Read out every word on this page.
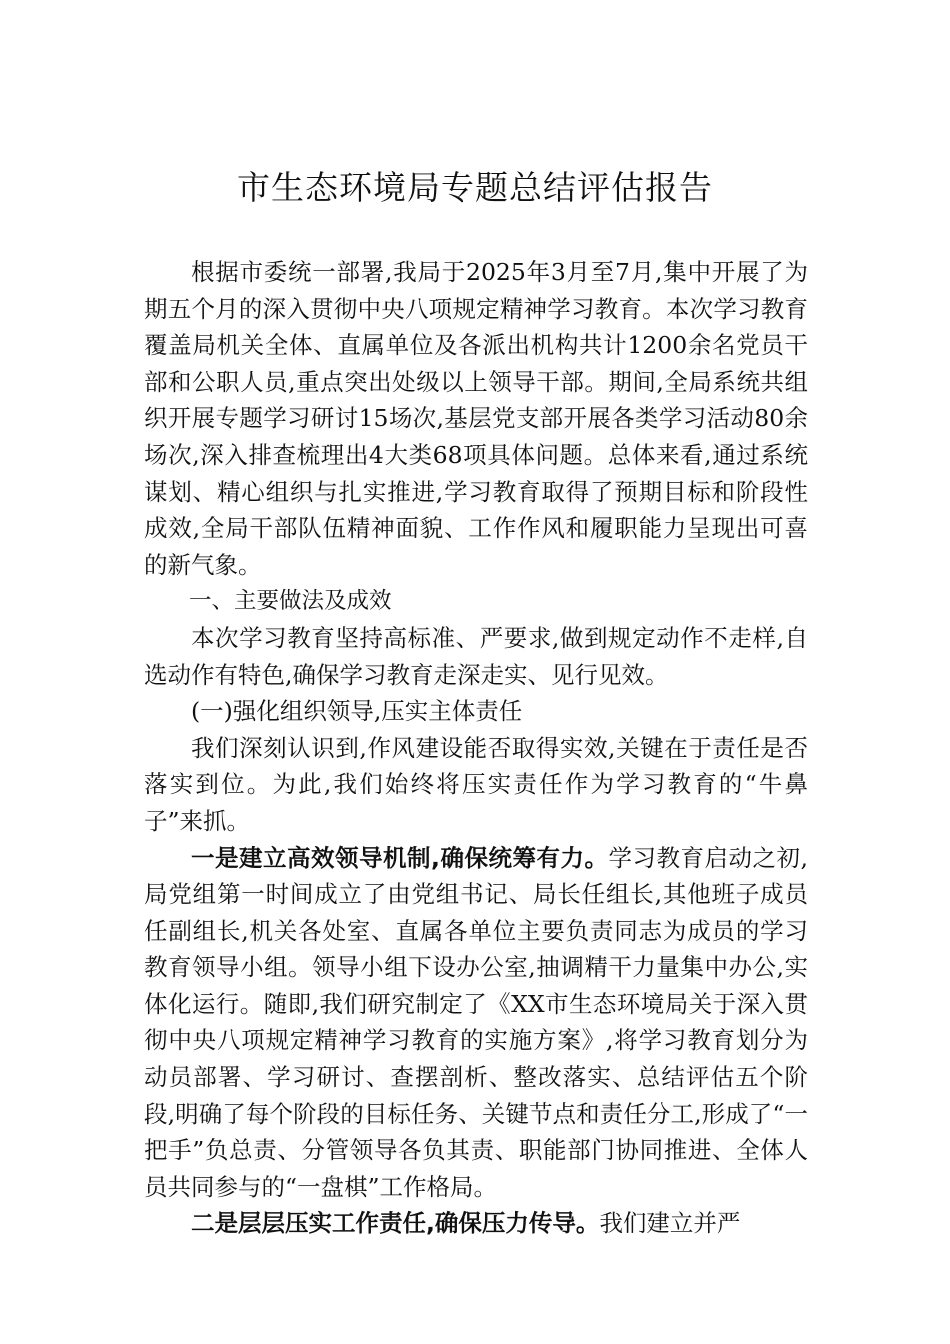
市生态环境局专题总结评估报告

根据市委统一部署,我局于2025年3月至7月,集中开展了为期五个月的深入贯彻中央八项规定精神学习教育。本次学习教育覆盖局机关全体、直属单位及各派出机构共计1200余名党员干部和公职人员,重点突出处级以上领导干部。期间,全局系统共组织开展专题学习研讨15场次,基层党支部开展各类学习活动80余场次,深入排查梳理出4大类68项具体问题。总体来看,通过系统谋划、精心组织与扎实推进,学习教育取得了预期目标和阶段性成效,全局干部队伍精神面貌、工作作风和履职能力呈现出可喜的新气象。

一、主要做法及成效

本次学习教育坚持高标准、严要求,做到规定动作不走样,自选动作有特色,确保学习教育走深走实、见行见效。

(一)强化组织领导,压实主体责任

我们深刻认识到,作风建设能否取得实效,关键在于责任是否落实到位。为此,我们始终将压实责任作为学习教育的“牛鼻子”来抓。

一是建立高效领导机制,确保统筹有力。学习教育启动之初,局党组第一时间成立了由党组书记、局长任组长,其他班子成员任副组长,机关各处室、直属各单位主要负责同志为成员的学习教育领导小组。领导小组下设办公室,抽调精干力量集中办公,实体化运行。随即,我们研究制定了《XX市生态环境局关于深入贯彻中央八项规定精神学习教育的实施方案》,将学习教育划分为动员部署、学习研讨、查摆剖析、整改落实、总结评估五个阶段,明确了每个阶段的目标任务、关键节点和责任分工,形成了“一把手”负总责、分管领导各负其责、职能部门协同推进、全体人员共同参与的“一盘棋”工作格局。

二是层层压实工作责任,确保压力传导。我们建立并严
